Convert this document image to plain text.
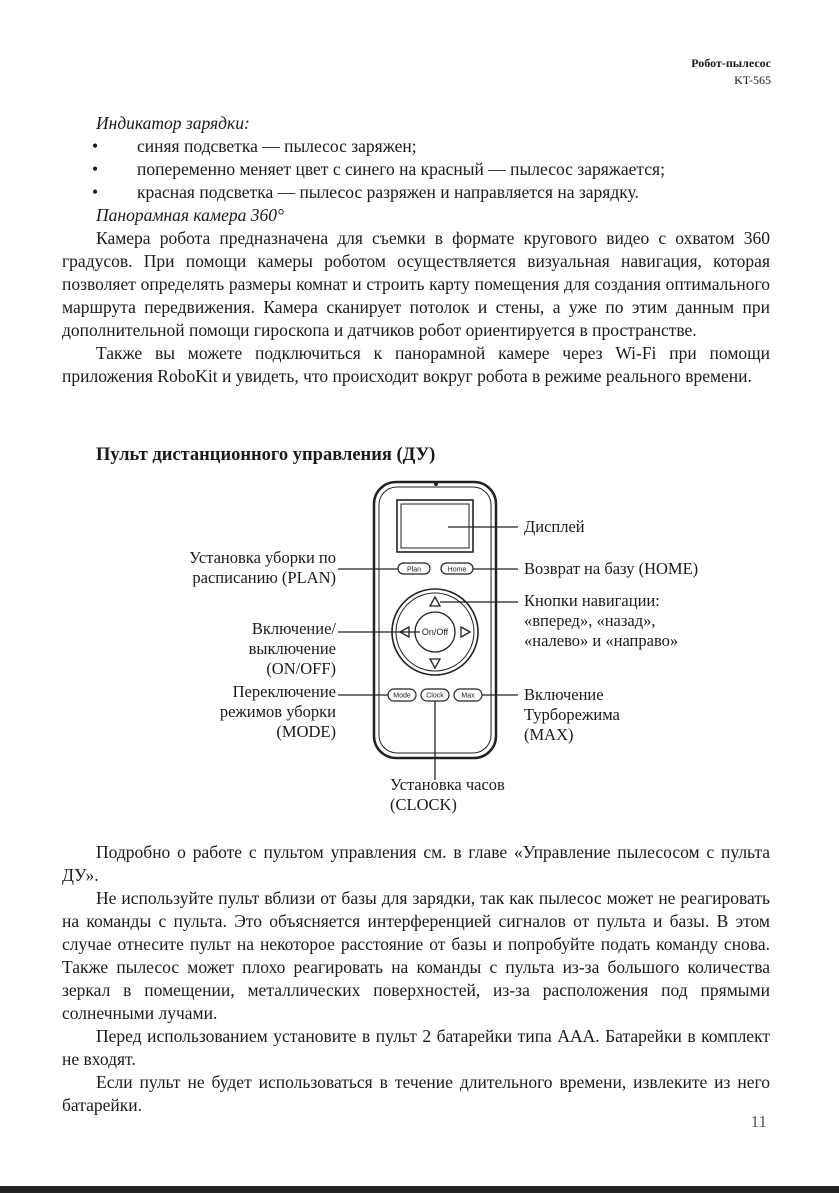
Робот-пылесос
KT-565
Индикатор зарядки:
• синяя подсветка — пылесос заряжен;
• попеременно меняет цвет с синего на красный — пылесос заряжается;
• красная подсветка — пылесос разряжен и направляется на зарядку.
Панорамная камера 360°

Камера робота предназначена для съемки в формате кругового видео с охватом 360 градусов. При помощи камеры роботом осуществляется визуальная навигация, которая позволяет определять размеры комнат и строить карту помещения для создания оптимального маршрута передвижения. Камера сканирует потолок и стены, а уже по этим данным при дополнительной помощи гироскопа и датчиков робот ориентируется в пространстве.

Также вы можете подключиться к панорамной камере через Wi-Fi при помощи приложения RoboKit и увидеть, что происходит вокруг робота в режиме реального времени.

Пульт дистанционного управления (ДУ)
Plan	Home
On/Off
Mode Clock	Max
Дисплей
Установка уборки по
расписанию (PLAN)	Возврат на базу (HOME)
Кнопки навигации:
«вперед», «назад»,
«налево» и «направо»
Включение/
выключение
(ON/OFF)
Переключение
режимов уборки
(MODE)
Включение
Турборежима
(MAX)
Установка часов
(CLOCK)

Подробно о работе с пультом управления см. в главе «Управление пылесосом с пульта ДУ».

Не используйте пульт вблизи от базы для зарядки, так как пылесос может не реагировать на команды с пульта. Это объясняется интерференцией сигналов от пульта и базы. В этом случае отнесите пульт на некоторое расстояние от базы и попробуйте подать команду снова. Также пылесос может плохо реагировать на команды с пульта из-за большого количества зеркал в помещении, металлических поверхностей, из-за расположения под прямыми солнечными лучами.

Перед использованием установите в пульт 2 батарейки типа AAA. Батарейки в комплект не входят.

Если пульт не будет использоваться в течение длительного времени, извлеките из него батарейки.

11
